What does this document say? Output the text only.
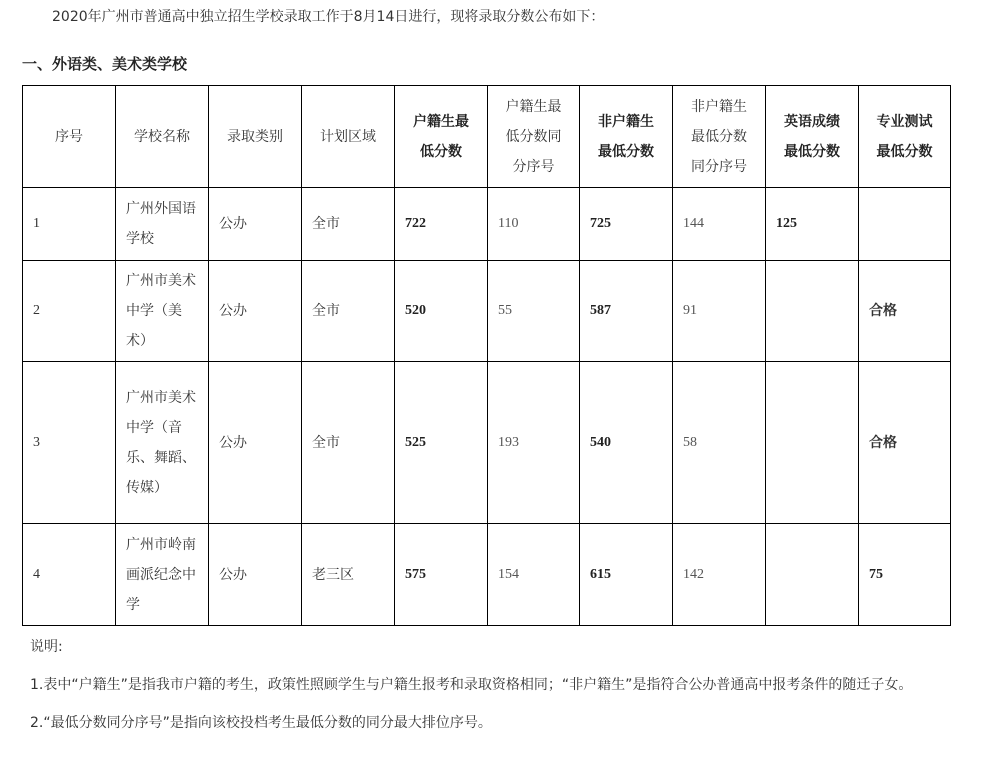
2020年广州市普通高中独立招生学校录取工作于8月14日进行，现将录取分数公布如下：
一、外语类、美术类学校
序号	学校名称	录取类别	计划区域	户籍生最低分数	户籍生最低分数同分序号	非户籍生最低分数	非户籍生最低分数同分序号	英语成绩最低分数	专业测试最低分数
1	广州外国语学校	公办	全市	722	110	725	144	125	
2	广州市美术中学（美术）	公办	全市	520	55	587	91		合格
3	广州市美术中学（音乐、舞蹈、传媒）	公办	全市	525	193	540	58		合格
4	广州市岭南画派纪念中学	公办	老三区	575	154	615	142		75

说明:

1.表中“户籍生”是指我市户籍的考生，政策性照顾学生与户籍生报考和录取资格相同；“非户籍生”是指符合公办普通高中报考条件的随迁子女。

2.“最低分数同分序号”是指向该校投档考生最低分数的同分最大排位序号。
